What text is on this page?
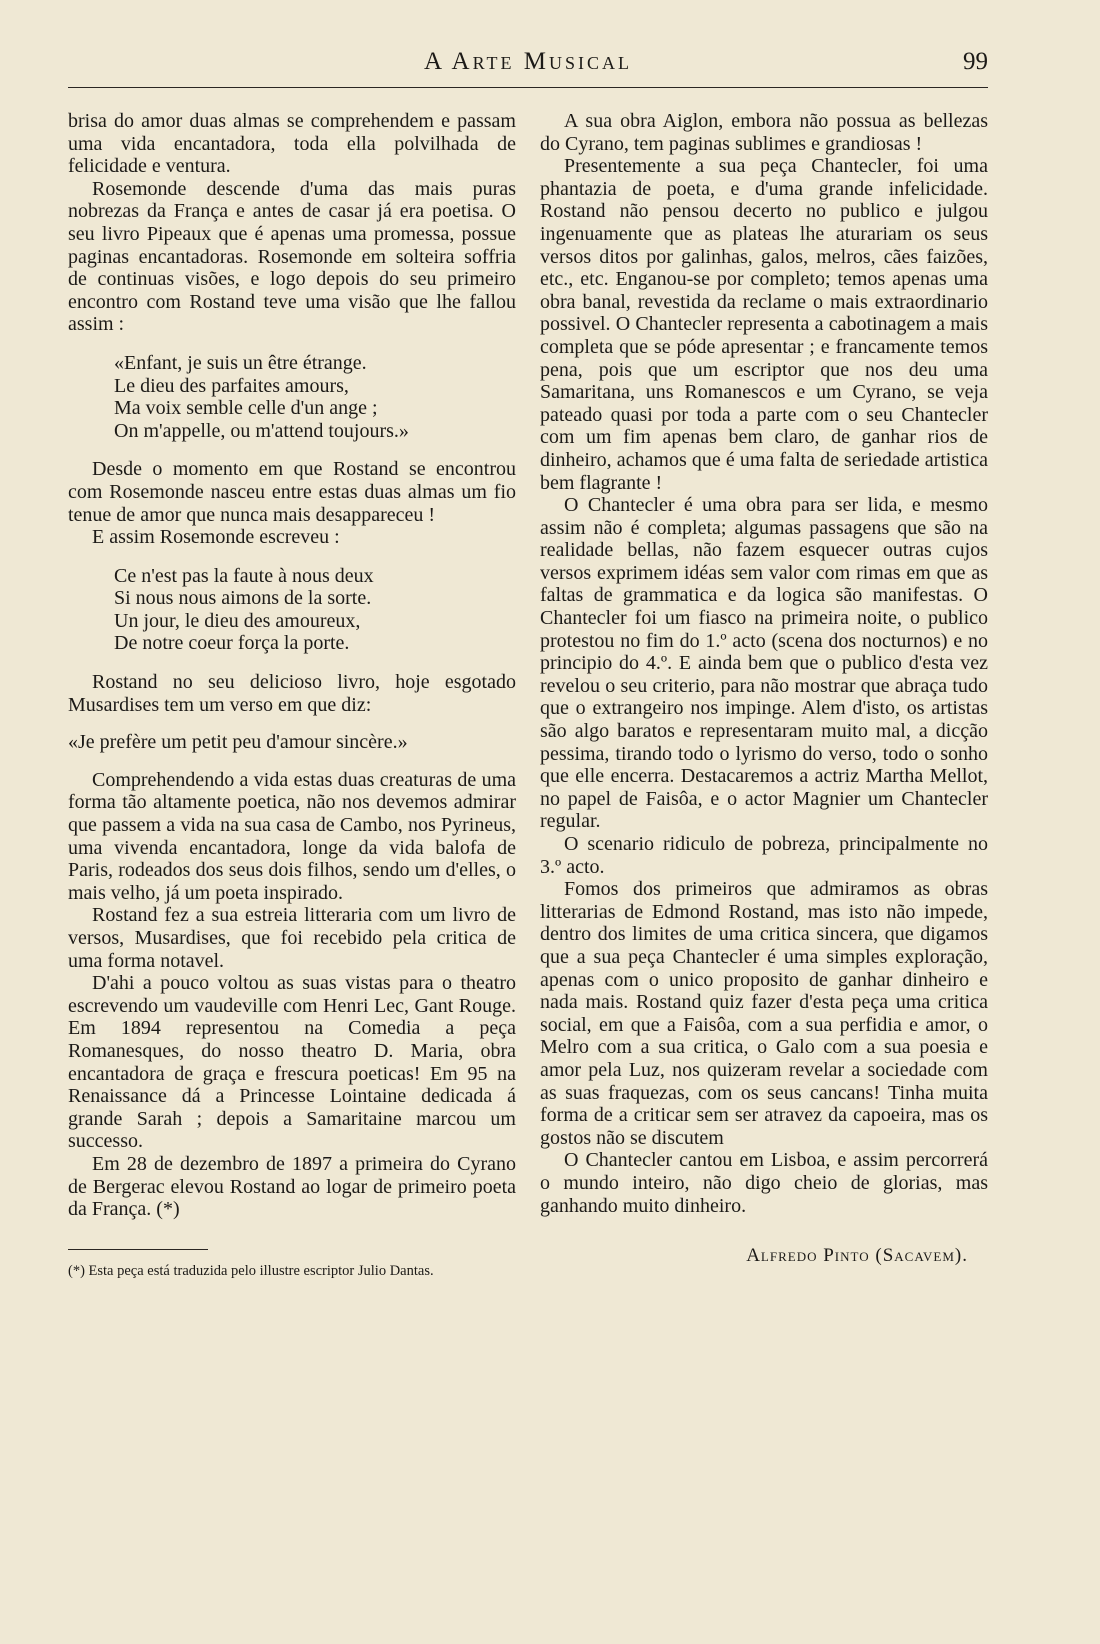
A Arte Musical	99

brisa do amor duas almas se comprehendem e passam uma vida encantadora, toda ella polvilhada de felicidade e ventura.

Rosemonde descende d'uma das mais puras nobrezas da França e antes de casar já era poetisa. O seu livro Pipeaux que é apenas uma promessa, possue paginas encantadoras. Rosemonde em solteira soffria de continuas visões, e logo depois do seu primeiro encontro com Rostand teve uma visão que lhe fallou assim :

«Enfant, je suis un être étrange.
Le dieu des parfaites amours,
Ma voix semble celle d'un ange ;
On m'appelle, ou m'attend toujours.»

Desde o momento em que Rostand se encontrou com Rosemonde nasceu entre estas duas almas um fio tenue de amor que nunca mais desappareceu !

E assim Rosemonde escreveu :

Ce n'est pas la faute à nous deux
Si nous nous aimons de la sorte.
Un jour, le dieu des amoureux,
De notre coeur força la porte.

Rostand no seu delicioso livro, hoje esgotado Musardises tem um verso em que diz:

«Je prefère um petit peu d'amour sincère.»

Comprehendendo a vida estas duas creaturas de uma forma tão altamente poetica, não nos devemos admirar que passem a vida na sua casa de Cambo, nos Pyrineus, uma vivenda encantadora, longe da vida balofa de Paris, rodeados dos seus dois filhos, sendo um d'elles, o mais velho, já um poeta inspirado.

Rostand fez a sua estreia litteraria com um livro de versos, Musardises, que foi recebido pela critica de uma forma notavel.

D'ahi a pouco voltou as suas vistas para o theatro escrevendo um vaudeville com Henri Lec, Gant Rouge. Em 1894 representou na Comedia a peça Romanesques, do nosso theatro D. Maria, obra encantadora de graça e frescura poeticas! Em 95 na Renaissance dá a Princesse Lointaine dedicada á grande Sarah ; depois a Samaritaine marcou um successo.

Em 28 de dezembro de 1897 a primeira do Cyrano de Bergerac elevou Rostand ao logar de primeiro poeta da França. (*)

(*) Esta peça está traduzida pelo illustre escriptor Julio Dantas.

A sua obra Aiglon, embora não possua as bellezas do Cyrano, tem paginas sublimes e grandiosas !

Presentemente a sua peça Chantecler, foi uma phantazia de poeta, e d'uma grande infelicidade. Rostand não pensou decerto no publico e julgou ingenuamente que as plateas lhe aturariam os seus versos ditos por galinhas, galos, melros, cães faizões, etc., etc. Enganou-se por completo; temos apenas uma obra banal, revestida da reclame o mais extraordinario possivel. O Chantecler representa a cabotinagem a mais completa que se póde apresentar ; e francamente temos pena, pois que um escriptor que nos deu uma Samaritana, uns Romanescos e um Cyrano, se veja pateado quasi por toda a parte com o seu Chantecler com um fim apenas bem claro, de ganhar rios de dinheiro, achamos que é uma falta de seriedade artistica bem flagrante !

O Chantecler é uma obra para ser lida, e mesmo assim não é completa; algumas passagens que são na realidade bellas, não fazem esquecer outras cujos versos exprimem idéas sem valor com rimas em que as faltas de grammatica e da logica são manifestas. O Chantecler foi um fiasco na primeira noite, o publico protestou no fim do 1.º acto (scena dos nocturnos) e no principio do 4.º. E ainda bem que o publico d'esta vez revelou o seu criterio, para não mostrar que abraça tudo que o extrangeiro nos impinge. Alem d'isto, os artistas são algo baratos e representaram muito mal, a dicção pessima, tirando todo o lyrismo do verso, todo o sonho que elle encerra. Destacaremos a actriz Martha Mellot, no papel de Faisôa, e o actor Magnier um Chantecler regular.

O scenario ridiculo de pobreza, principalmente no 3.º acto.

Fomos dos primeiros que admiramos as obras litterarias de Edmond Rostand, mas isto não impede, dentro dos limites de uma critica sincera, que digamos que a sua peça Chantecler é uma simples exploração, apenas com o unico proposito de ganhar dinheiro e nada mais. Rostand quiz fazer d'esta peça uma critica social, em que a Faisôa, com a sua perfidia e amor, o Melro com a sua critica, o Galo com a sua poesia e amor pela Luz, nos quizeram revelar a sociedade com as suas fraquezas, com os seus cancans! Tinha muita forma de a criticar sem ser atravez da capoeira, mas os gostos não se discutem

O Chantecler cantou em Lisboa, e assim percorrerá o mundo inteiro, não digo cheio de glorias, mas ganhando muito dinheiro.

Alfredo Pinto (Sacavem).
